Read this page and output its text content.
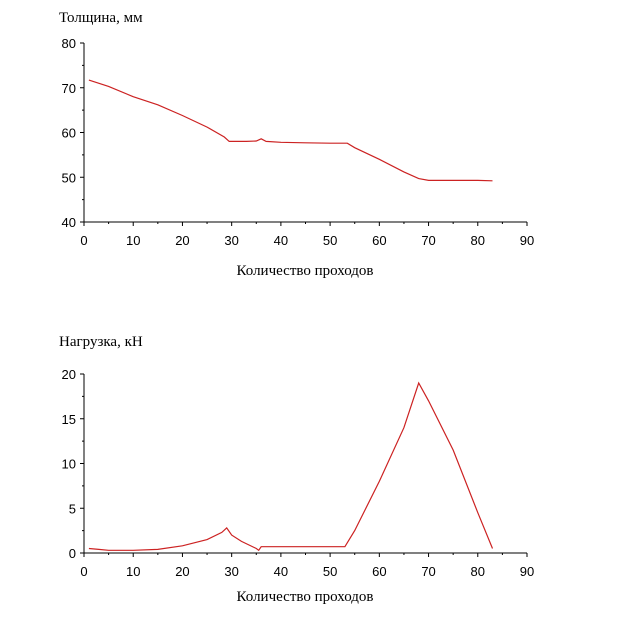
Толщина, мм
40
50
60
70
80
0	10	20	30	40	50	60	70	80	90
Количество проходов
Нагрузка, кН
0
5
10
15
20
0	10	20	30	40	50	60	70	80	90
Количество проходов
